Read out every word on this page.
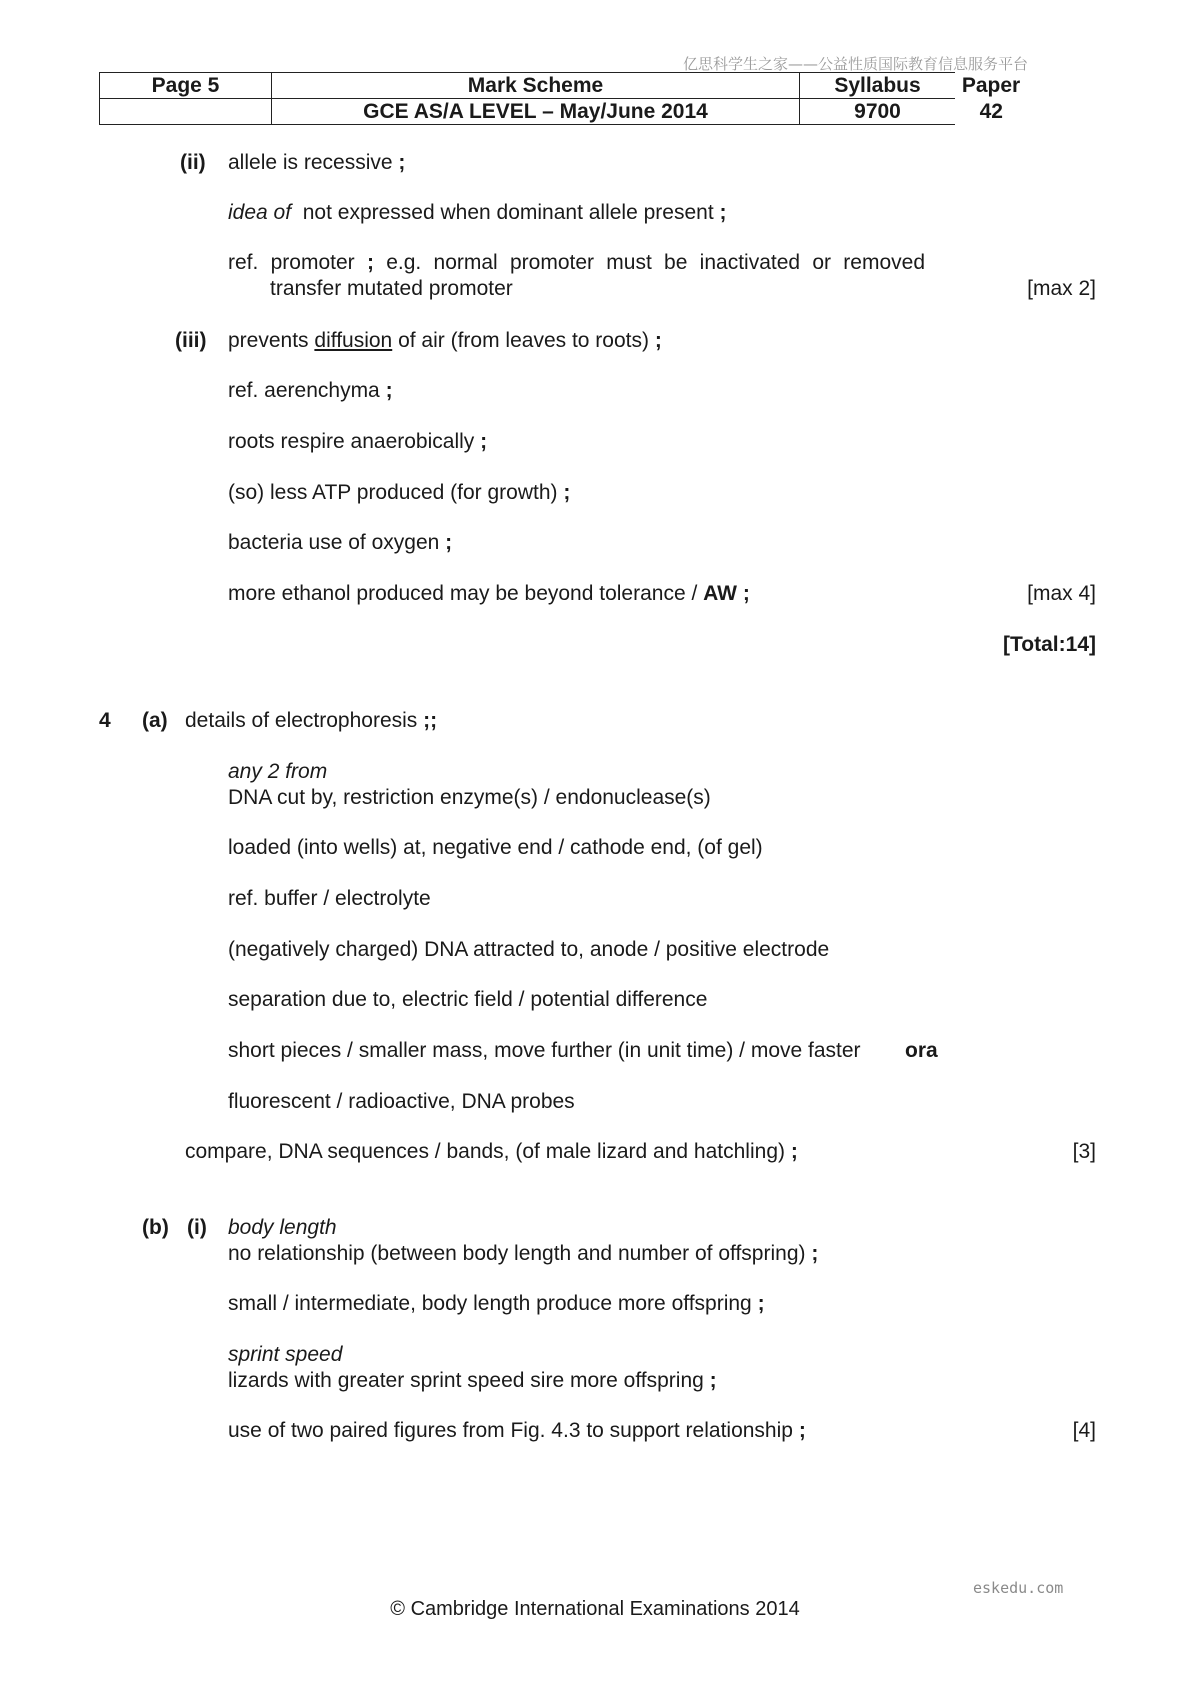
亿思科学生之家——公益性质国际教育信息服务平台
Page 5	Mark Scheme	Syllabus	Paper
	GCE AS/A LEVEL – May/June 2014	9700	42
(ii) allele is recessive ;
idea of not expressed when dominant allele present ;
ref. promoter ; e.g. normal promoter must be inactivated or removed
transfer mutated promoter	[max 2]
(iii) prevents diffusion of air (from leaves to roots) ;
ref. aerenchyma ;
roots respire anaerobically ;
(so) less ATP produced (for growth) ;
bacteria use of oxygen ;
more ethanol produced may be beyond tolerance / AW ;	[max 4]
[Total:14]
4 (a) details of electrophoresis ;;
any 2 from
DNA cut by, restriction enzyme(s) / endonuclease(s)
loaded (into wells) at, negative end / cathode end, (of gel)
ref. buffer / electrolyte
(negatively charged) DNA attracted to, anode / positive electrode
separation due to, electric field / potential difference
short pieces / smaller mass, move further (in unit time) / move faster ora
fluorescent / radioactive, DNA probes
compare, DNA sequences / bands, (of male lizard and hatchling) ;	[3]
(b) (i) body length
no relationship (between body length and number of offspring) ;
small / intermediate, body length produce more offspring ;
sprint speed
lizards with greater sprint speed sire more offspring ;
use of two paired figures from Fig. 4.3 to support relationship ;	[4]
eskedu.com
© Cambridge International Examinations 2014
